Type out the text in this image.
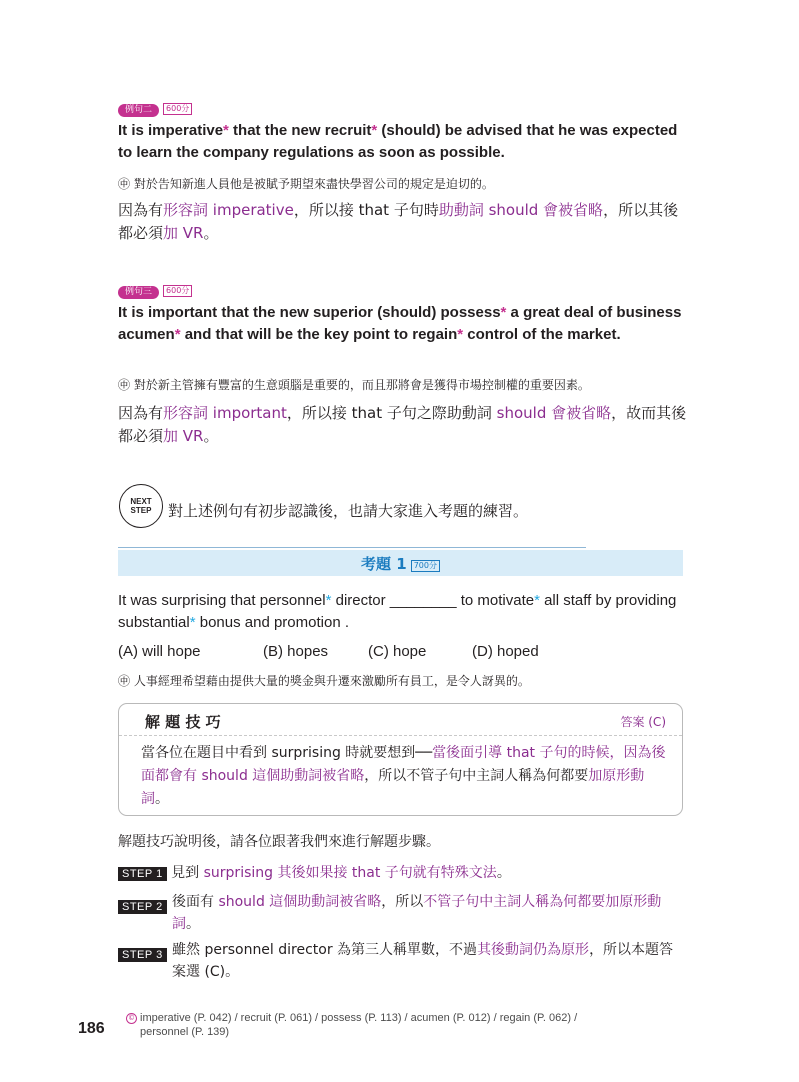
例句二 600分
It is imperative* that the new recruit* (should) be advised that he was expected to learn the company regulations as soon as possible.
㊥ 對於告知新進人員他是被賦予期望來盡快學習公司的規定是迫切的。
因為有形容詞 imperative，所以接 that 子句時助動詞 should 會被省略，所以其後都必須加 VR。
例句三 600分
It is important that the new superior (should) possess* a great deal of business acumen* and that will be the key point to regain* control of the market.
㊥ 對於新主管擁有豐富的生意頭腦是重要的，而且那將會是獲得市場控制權的重要因素。
因為有形容詞 important，所以接 that 子句之際助動詞 should 會被省略，故而其後都必須加 VR。
NEXT
STEP	對上述例句有初步認識後，也請大家進入考題的練習。
考題 1 700分
It was surprising that personnel* director ________ to motivate* all staff by providing substantial* bonus and promotion .
(A) will hope	(B) hopes	(C) hope	(D) hoped
㊥ 人事經理希望藉由提供大量的獎金與升遷來激勵所有員工，是令人訝異的。
解 題 技 巧	答案 (C)
當各位在題目中看到 surprising 時就要想到──當後面引導 that 子句的時候，因為後面都會有 should 這個助動詞被省略，所以不管子句中主詞人稱為何都要加原形動詞。
解題技巧說明後，請各位跟著我們來進行解題步驟。
STEP 1 見到 surprising 其後如果接 that 子句就有特殊文法。
STEP 2 後面有 should 這個助動詞被省略，所以不管子句中主詞人稱為何都要加原形動詞。
STEP 3 雖然 personnel director 為第三人稱單數，不過其後動詞仍為原形，所以本題答案選 (C)。
186
© imperative (P. 042) / recruit (P. 061) / possess (P. 113) / acumen (P. 012) / regain (P. 062) / personnel (P. 139)
